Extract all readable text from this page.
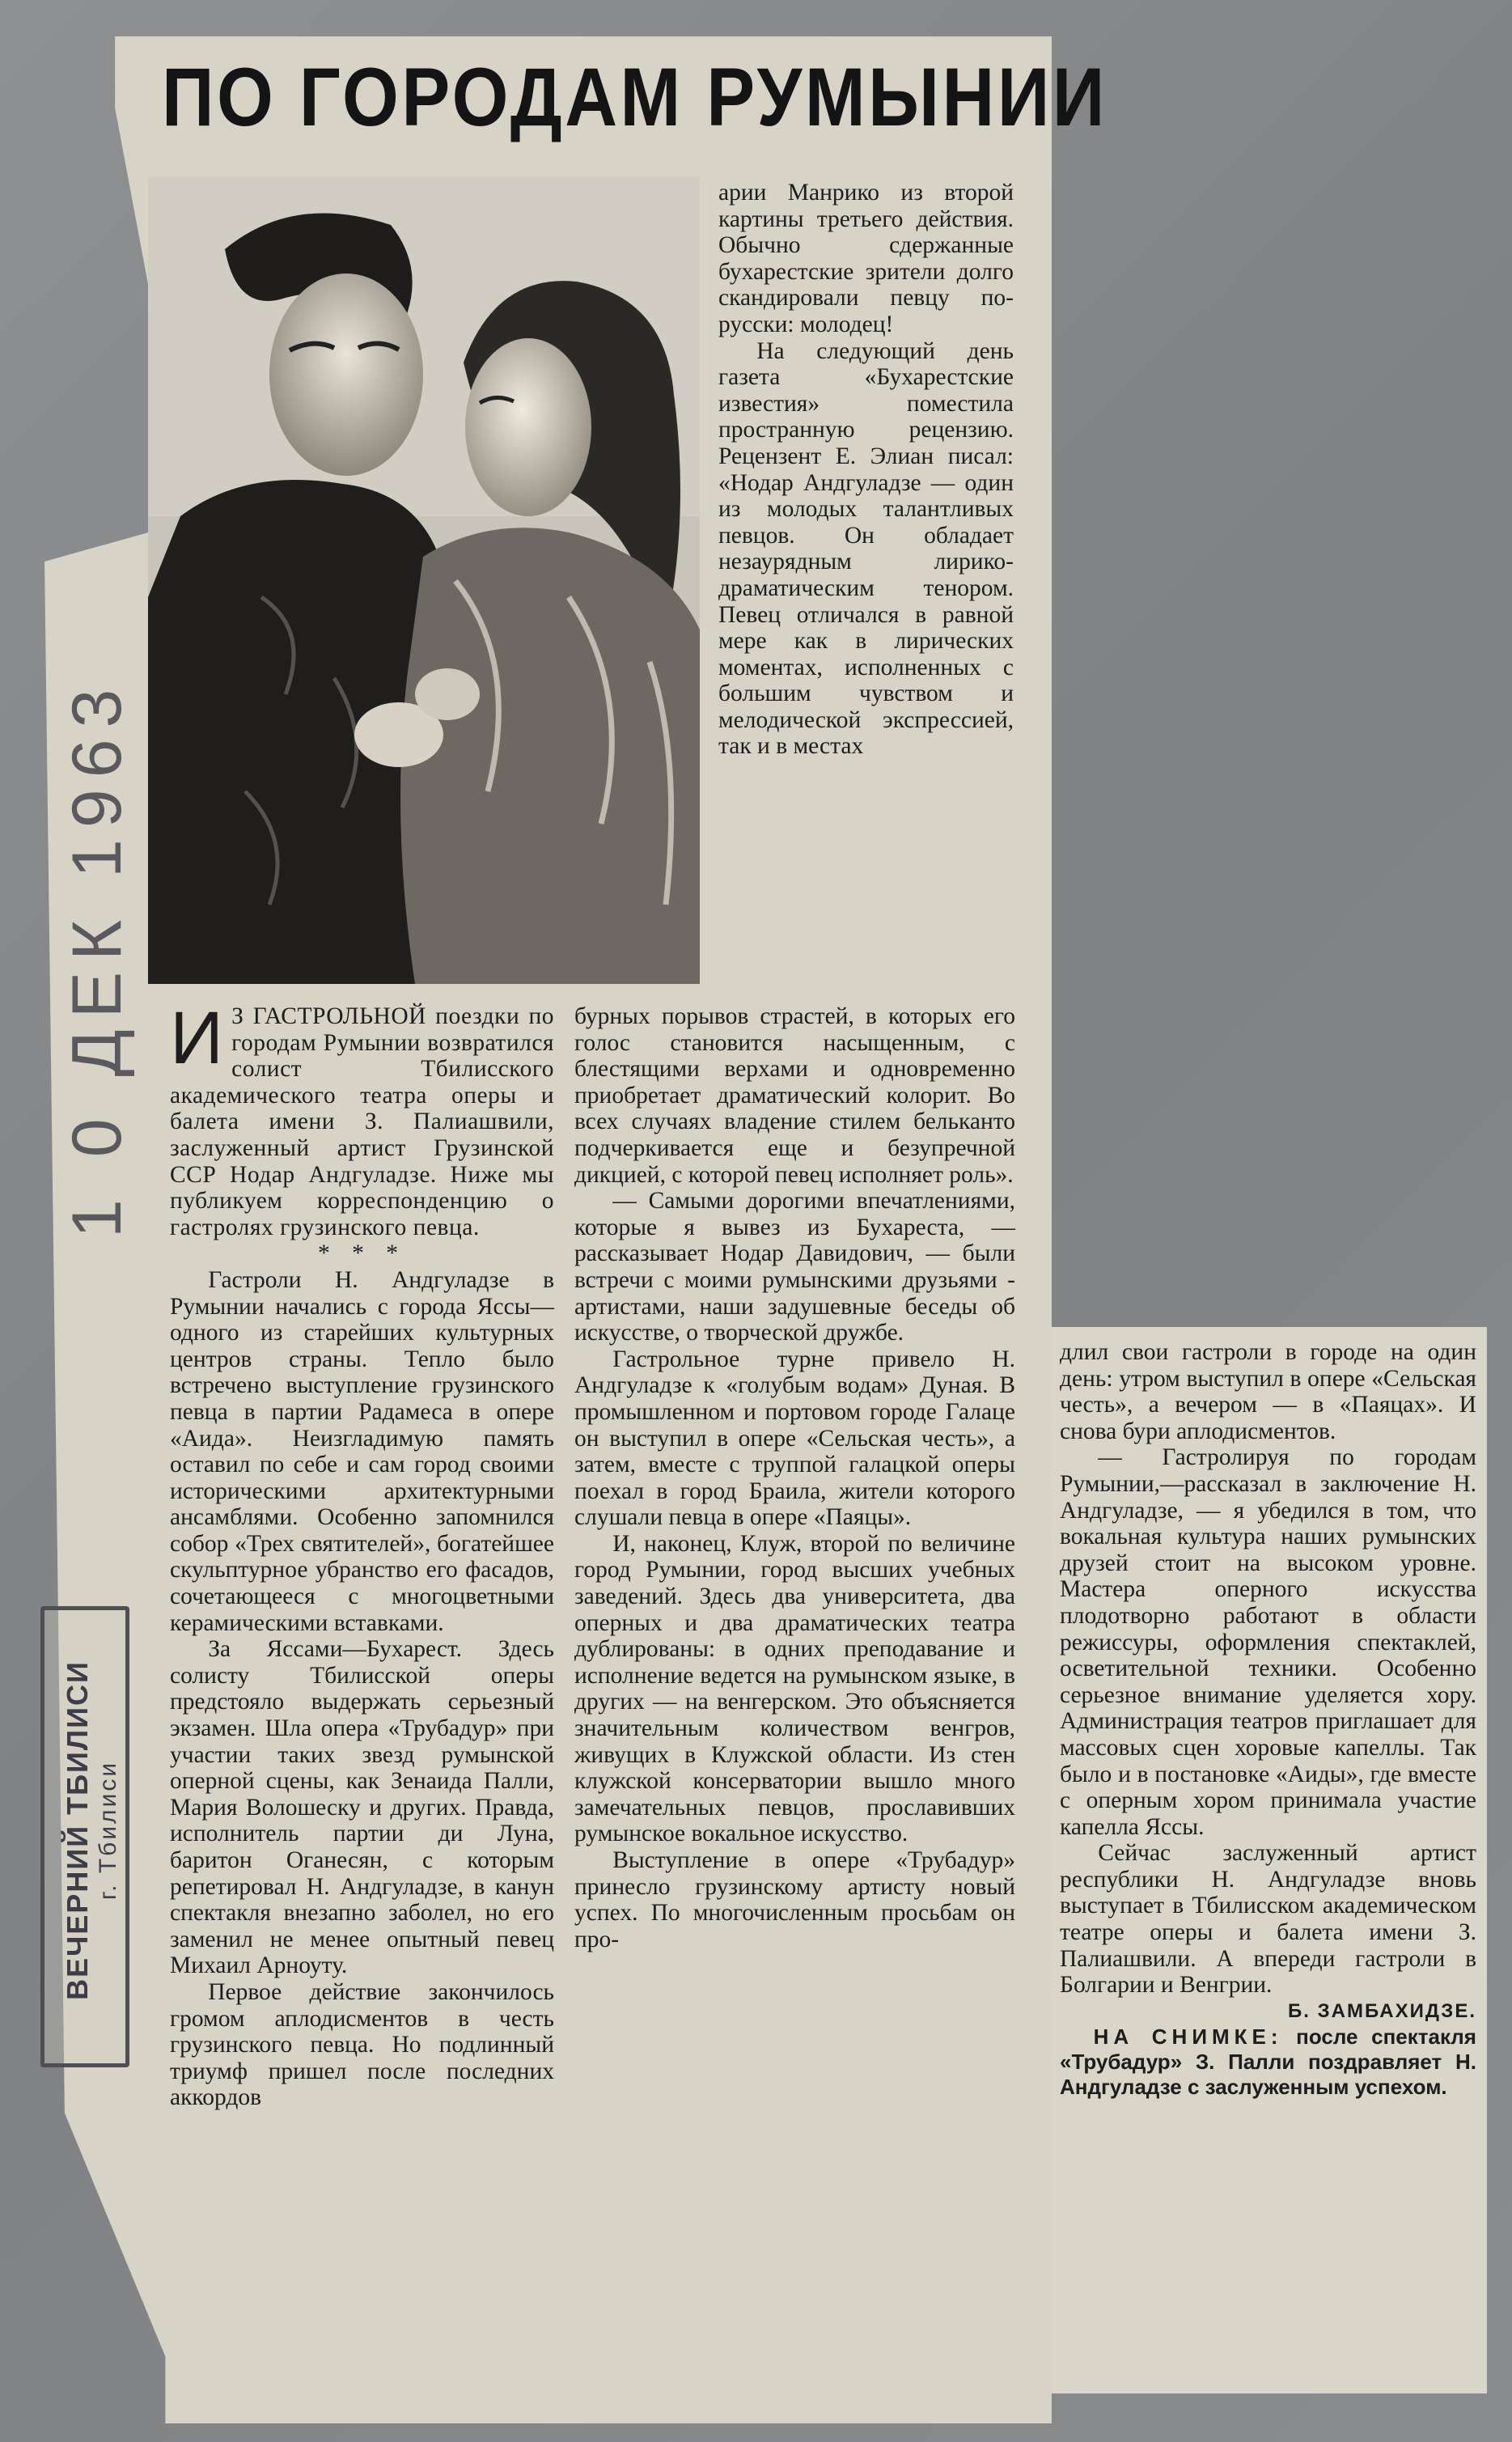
1 0 ДЕК 1963
ВЕЧЕРНИЙ ТБИЛИСИ г. Тбилиси
ПО ГОРОДАМ РУМЫНИИ

арии Манрико из второй картины третьего действия. Обычно сдержанные бухарестские зрители долго скандировали певцу по-русски: молодец!

На следующий день газета «Бухарестские известия» поместила пространную рецензию. Рецензент Е. Элиан писал: «Нодар Андгуладзе — один из молодых талантливых певцов. Он обладает незаурядным лирико-драматическим тенором. Певец отличался в равной мере как в лирических моментах, исполненных с большим чувством и мелодической экспрессией, так и в местах

И З ГАСТРОЛЬНОЙ поездки по городам Румынии возвратился солист Тбилисского академического театра оперы и балета имени З. Палиашвили, заслуженный артист Грузинской ССР Нодар Андгуладзе. Ниже мы публикуем корреспонденцию о гастролях грузинского певца.

* * *

Гастроли Н. Андгуладзе в Румынии начались с города Яссы—одного из старейших культурных центров страны. Тепло было встречено выступление грузинского певца в партии Радамеса в опере «Аида». Неизгладимую память оставил по себе и сам город своими историческими архитектурными ансамблями. Особенно запомнился собор «Трех святителей», богатейшее скульптурное убранство его фасадов, сочетающееся с многоцветными керамическими вставками.

За Яссами—Бухарест. Здесь солисту Тбилисской оперы предстояло выдержать серьезный экзамен. Шла опера «Трубадур» при участии таких звезд румынской оперной сцены, как Зенаида Палли, Мария Волошеску и других. Правда, исполнитель партии ди Луна, баритон Оганесян, с которым репетировал Н. Андгуладзе, в канун спектакля внезапно заболел, но его заменил не менее опытный певец Михаил Арноуту.

Первое действие закончилось громом аплодисментов в честь грузинского певца. Но подлинный триумф пришел после последних аккордов

бурных порывов страстей, в которых его голос становится насыщенным, с блестящими верхами и одновременно приобретает драматический колорит. Во всех случаях владение стилем бельканто подчеркивается еще и безупречной дикцией, с которой певец исполняет роль».

— Самыми дорогими впечатлениями, которые я вывез из Бухареста, — рассказывает Нодар Давидович, — были встречи с моими румынскими друзьями - артистами, наши задушевные беседы об искусстве, о творческой дружбе.

Гастрольное турне привело Н. Андгуладзе к «голубым водам» Дуная. В промышленном и портовом городе Галаце он выступил в опере «Сельская честь», а затем, вместе с труппой галацкой оперы поехал в город Браила, жители которого слушали певца в опере «Паяцы».

И, наконец, Клуж, второй по величине город Румынии, город высших учебных заведений. Здесь два университета, два оперных и два драматических театра дублированы: в одних преподавание и исполнение ведется на румынском языке, в других — на венгерском. Это объясняется значительным количеством венгров, живущих в Клужской области. Из стен клужской консерватории вышло много замечательных певцов, прославивших румынское вокальное искусство.

Выступление в опере «Трубадур» принесло грузинскому артисту новый успех. По многочисленным просьбам он про-

длил свои гастроли в городе на один день: утром выступил в опере «Сельская честь», а вечером — в «Паяцах». И снова бури аплодисментов.

— Гастролируя по городам Румынии,—рассказал в заключение Н. Андгуладзе, — я убедился в том, что вокальная культура наших румынских друзей стоит на высоком уровне. Мастера оперного искусства плодотворно работают в области режиссуры, оформления спектаклей, осветительной техники. Особенно серьезное внимание уделяется хору. Администрация театров приглашает для массовых сцен хоровые капеллы. Так было и в постановке «Аиды», где вместе с оперным хором принимала участие капелла Яссы.

Сейчас заслуженный артист республики Н. Андгуладзе вновь выступает в Тбилисском академическом театре оперы и балета имени З. Палиашвили. А впереди гастроли в Болгарии и Венгрии.

Б. ЗАМБАХИДЗЕ.

НА СНИМКЕ: после спектакля «Трубадур» З. Палли поздравляет Н. Андгуладзе с заслуженным успехом.
